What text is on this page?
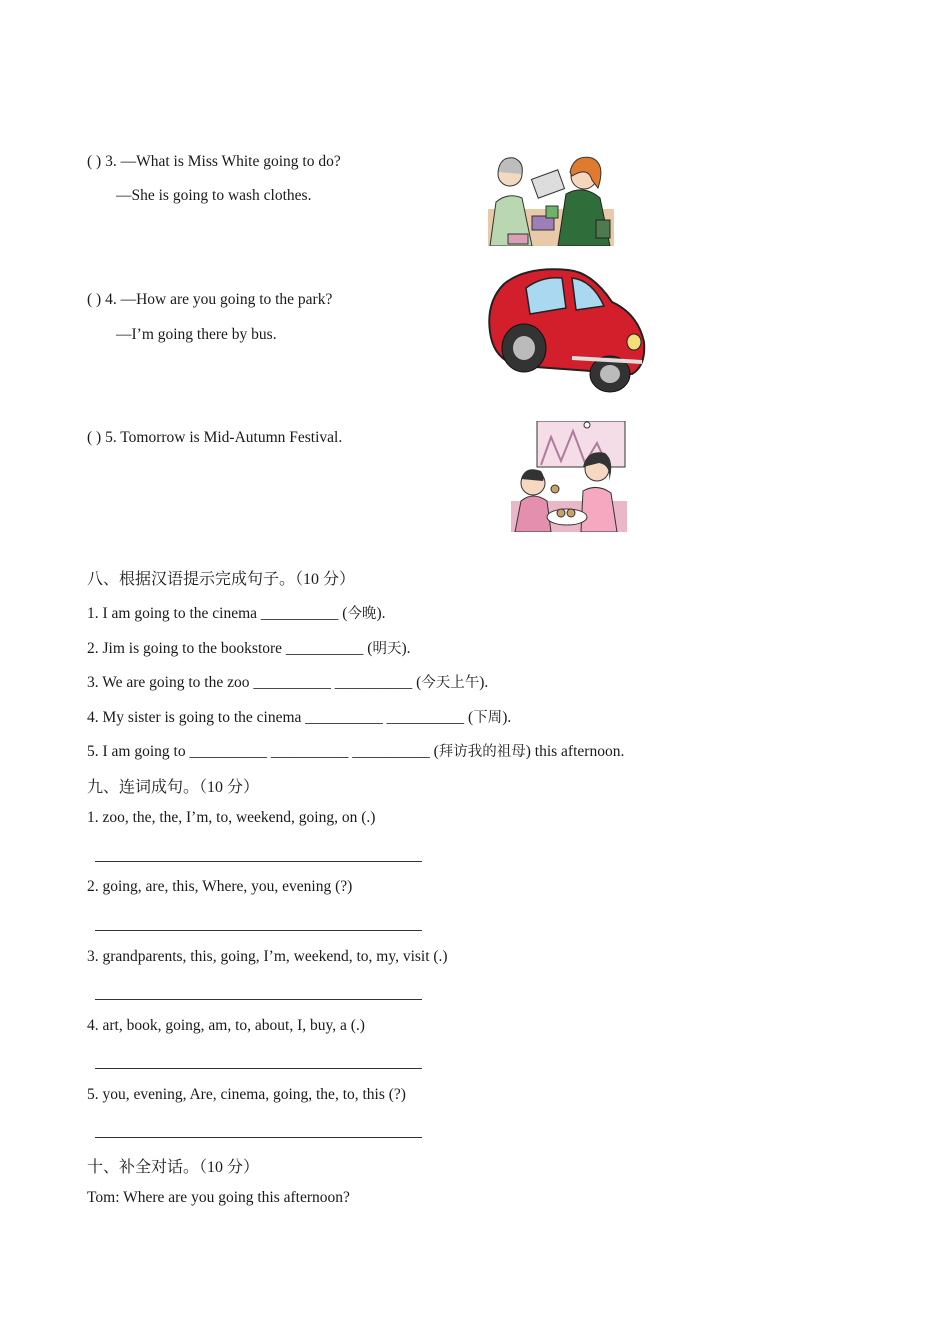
( ) 3. —What is Miss White going to do?
—She is going to wash clothes.
( ) 4. —How are you going to the park?
—I’m going there by bus.
( ) 5. Tomorrow is Mid-Autumn Festival.
八、根据汉语提示完成句子。（10 分）
1. I am going to the cinema __________ (今晚).
2. Jim is going to the bookstore __________ (明天).
3. We are going to the zoo __________ __________ (今天上午).
4. My sister is going to the cinema __________ __________ (下周).
5. I am going to __________ __________ __________ (拜访我的祖母) this afternoon.
九、连词成句。（10 分）
1. zoo, the, the, I’m, to, weekend, going, on (.)
2. going, are, this, Where, you, evening (?)
3. grandparents, this, going, I’m, weekend, to, my, visit (.)
4. art, book, going, am, to, about, I, buy, a (.)
5. you, evening, Are, cinema, going, the, to, this (?)
十、补全对话。（10 分）
Tom: Where are you going this afternoon?
